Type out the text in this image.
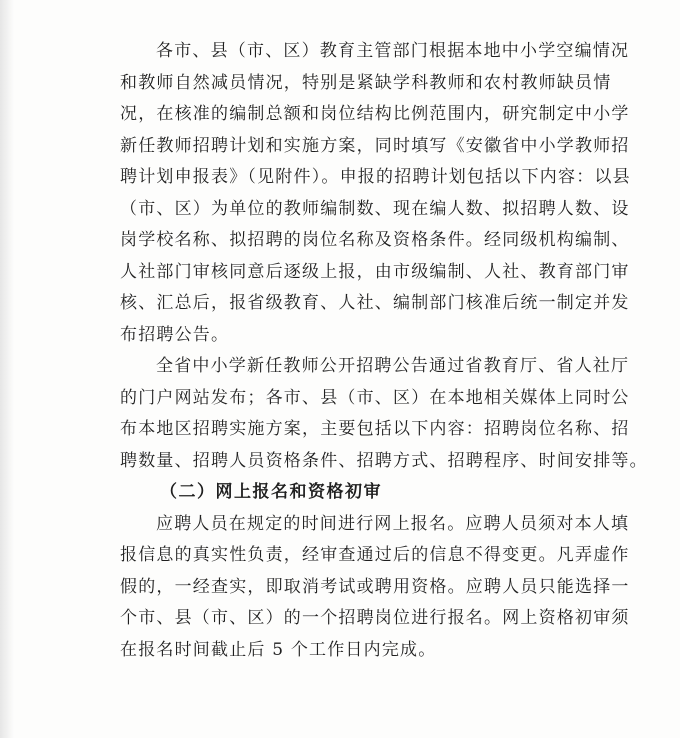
各市、县（市、区）教育主管部门根据本地中小学空编情况
和教师自然减员情况，特别是紧缺学科教师和农村教师缺员情
况，在核准的编制总额和岗位结构比例范围内，研究制定中小学
新任教师招聘计划和实施方案，同时填写《安徽省中小学教师招
聘计划申报表》（见附件）。申报的招聘计划包括以下内容：以县
（市、区）为单位的教师编制数、现在编人数、拟招聘人数、设
岗学校名称、拟招聘的岗位名称及资格条件。经同级机构编制、
人社部门审核同意后逐级上报，由市级编制、人社、教育部门审
核、汇总后，报省级教育、人社、编制部门核准后统一制定并发
布招聘公告。
全省中小学新任教师公开招聘公告通过省教育厅、省人社厅
的门户网站发布；各市、县（市、区）在本地相关媒体上同时公
布本地区招聘实施方案，主要包括以下内容：招聘岗位名称、招
聘数量、招聘人员资格条件、招聘方式、招聘程序、时间安排等。
（二）网上报名和资格初审
应聘人员在规定的时间进行网上报名。应聘人员须对本人填
报信息的真实性负责，经审查通过后的信息不得变更。凡弄虚作
假的，一经查实，即取消考试或聘用资格。应聘人员只能选择一
个市、县（市、区）的一个招聘岗位进行报名。网上资格初审须
在报名时间截止后 5 个工作日内完成。
